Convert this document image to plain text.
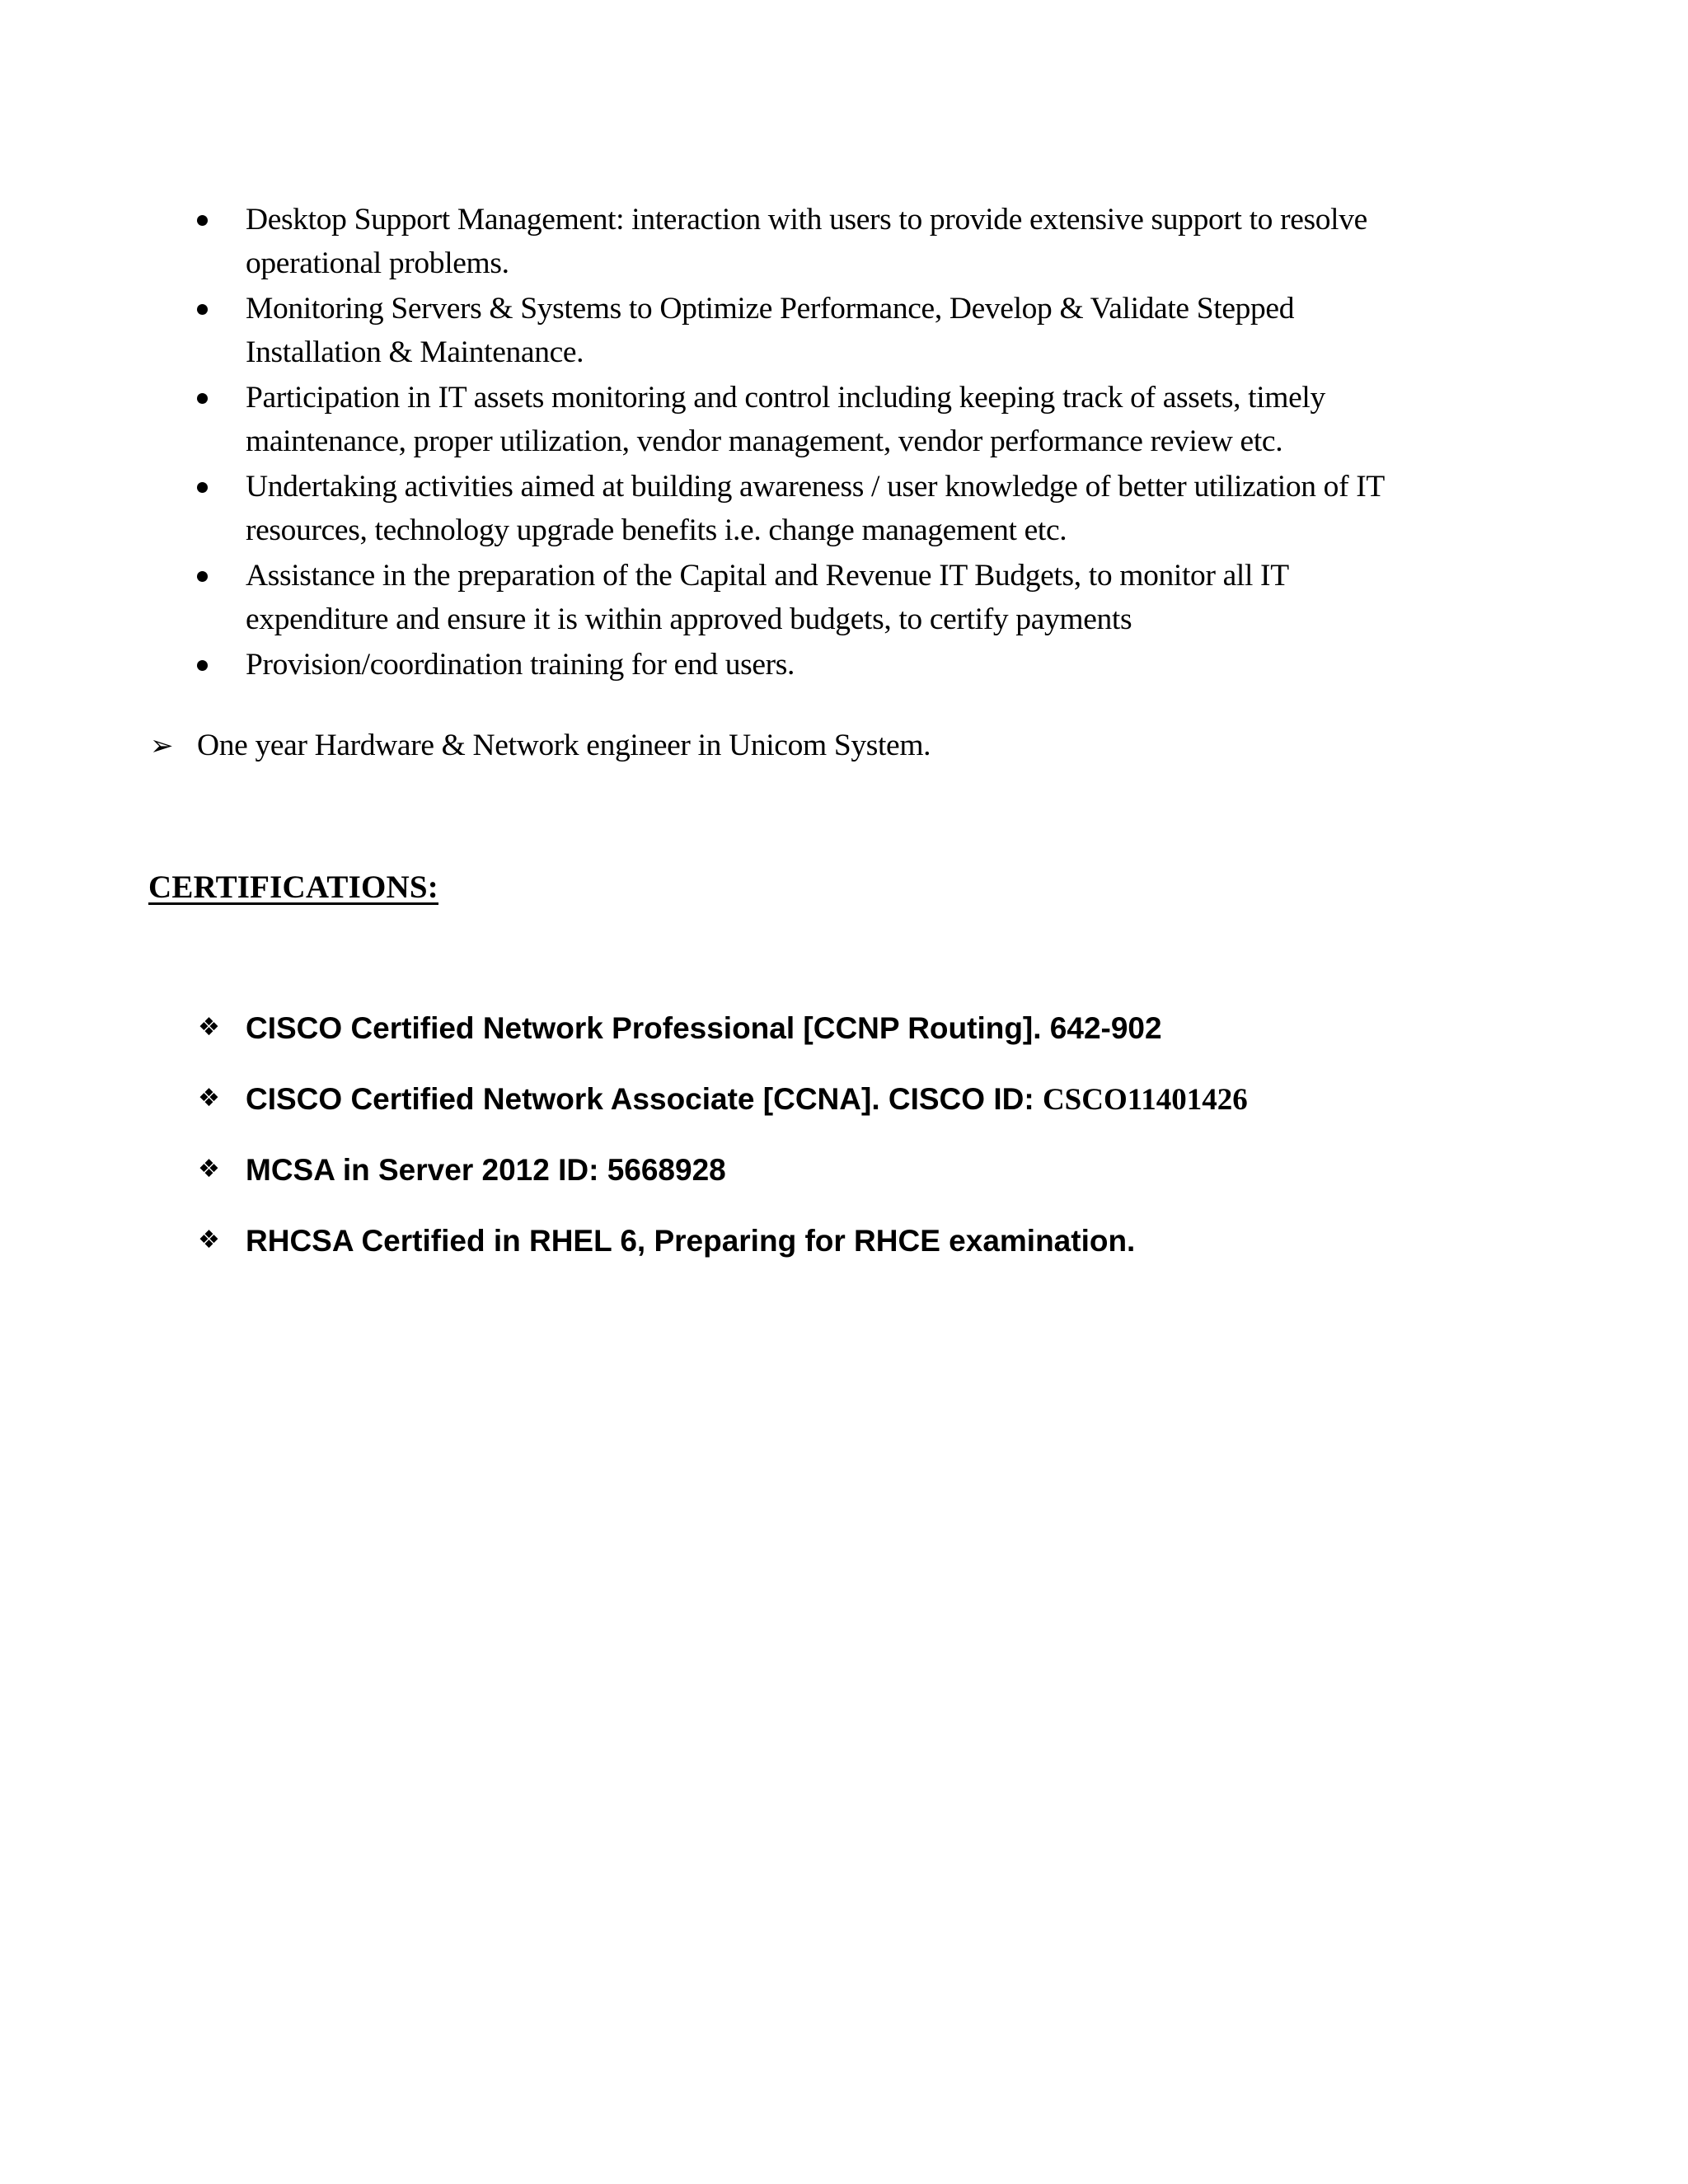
Desktop Support Management: interaction with users to provide extensive support to resolve
operational problems.
Monitoring Servers & Systems to Optimize Performance, Develop & Validate Stepped
Installation & Maintenance.
Participation in IT assets monitoring and control including keeping track of assets, timely
maintenance, proper utilization, vendor management, vendor performance review etc.
Undertaking activities aimed at building awareness / user knowledge of better utilization of IT
resources, technology upgrade benefits i.e. change management etc.
Assistance in the preparation of the Capital and Revenue IT Budgets, to monitor all IT
expenditure and ensure it is within approved budgets, to certify payments
Provision/coordination training for end users.
➢ One year Hardware & Network engineer in Unicom System.
CERTIFICATIONS:
❖ CISCO Certified Network Professional [CCNP Routing]. 642-902
❖ CISCO Certified Network Associate [CCNA]. CISCO ID: CSCO11401426
❖ MCSA in Server 2012 ID: 5668928
❖ RHCSA Certified in RHEL 6, Preparing for RHCE examination.
